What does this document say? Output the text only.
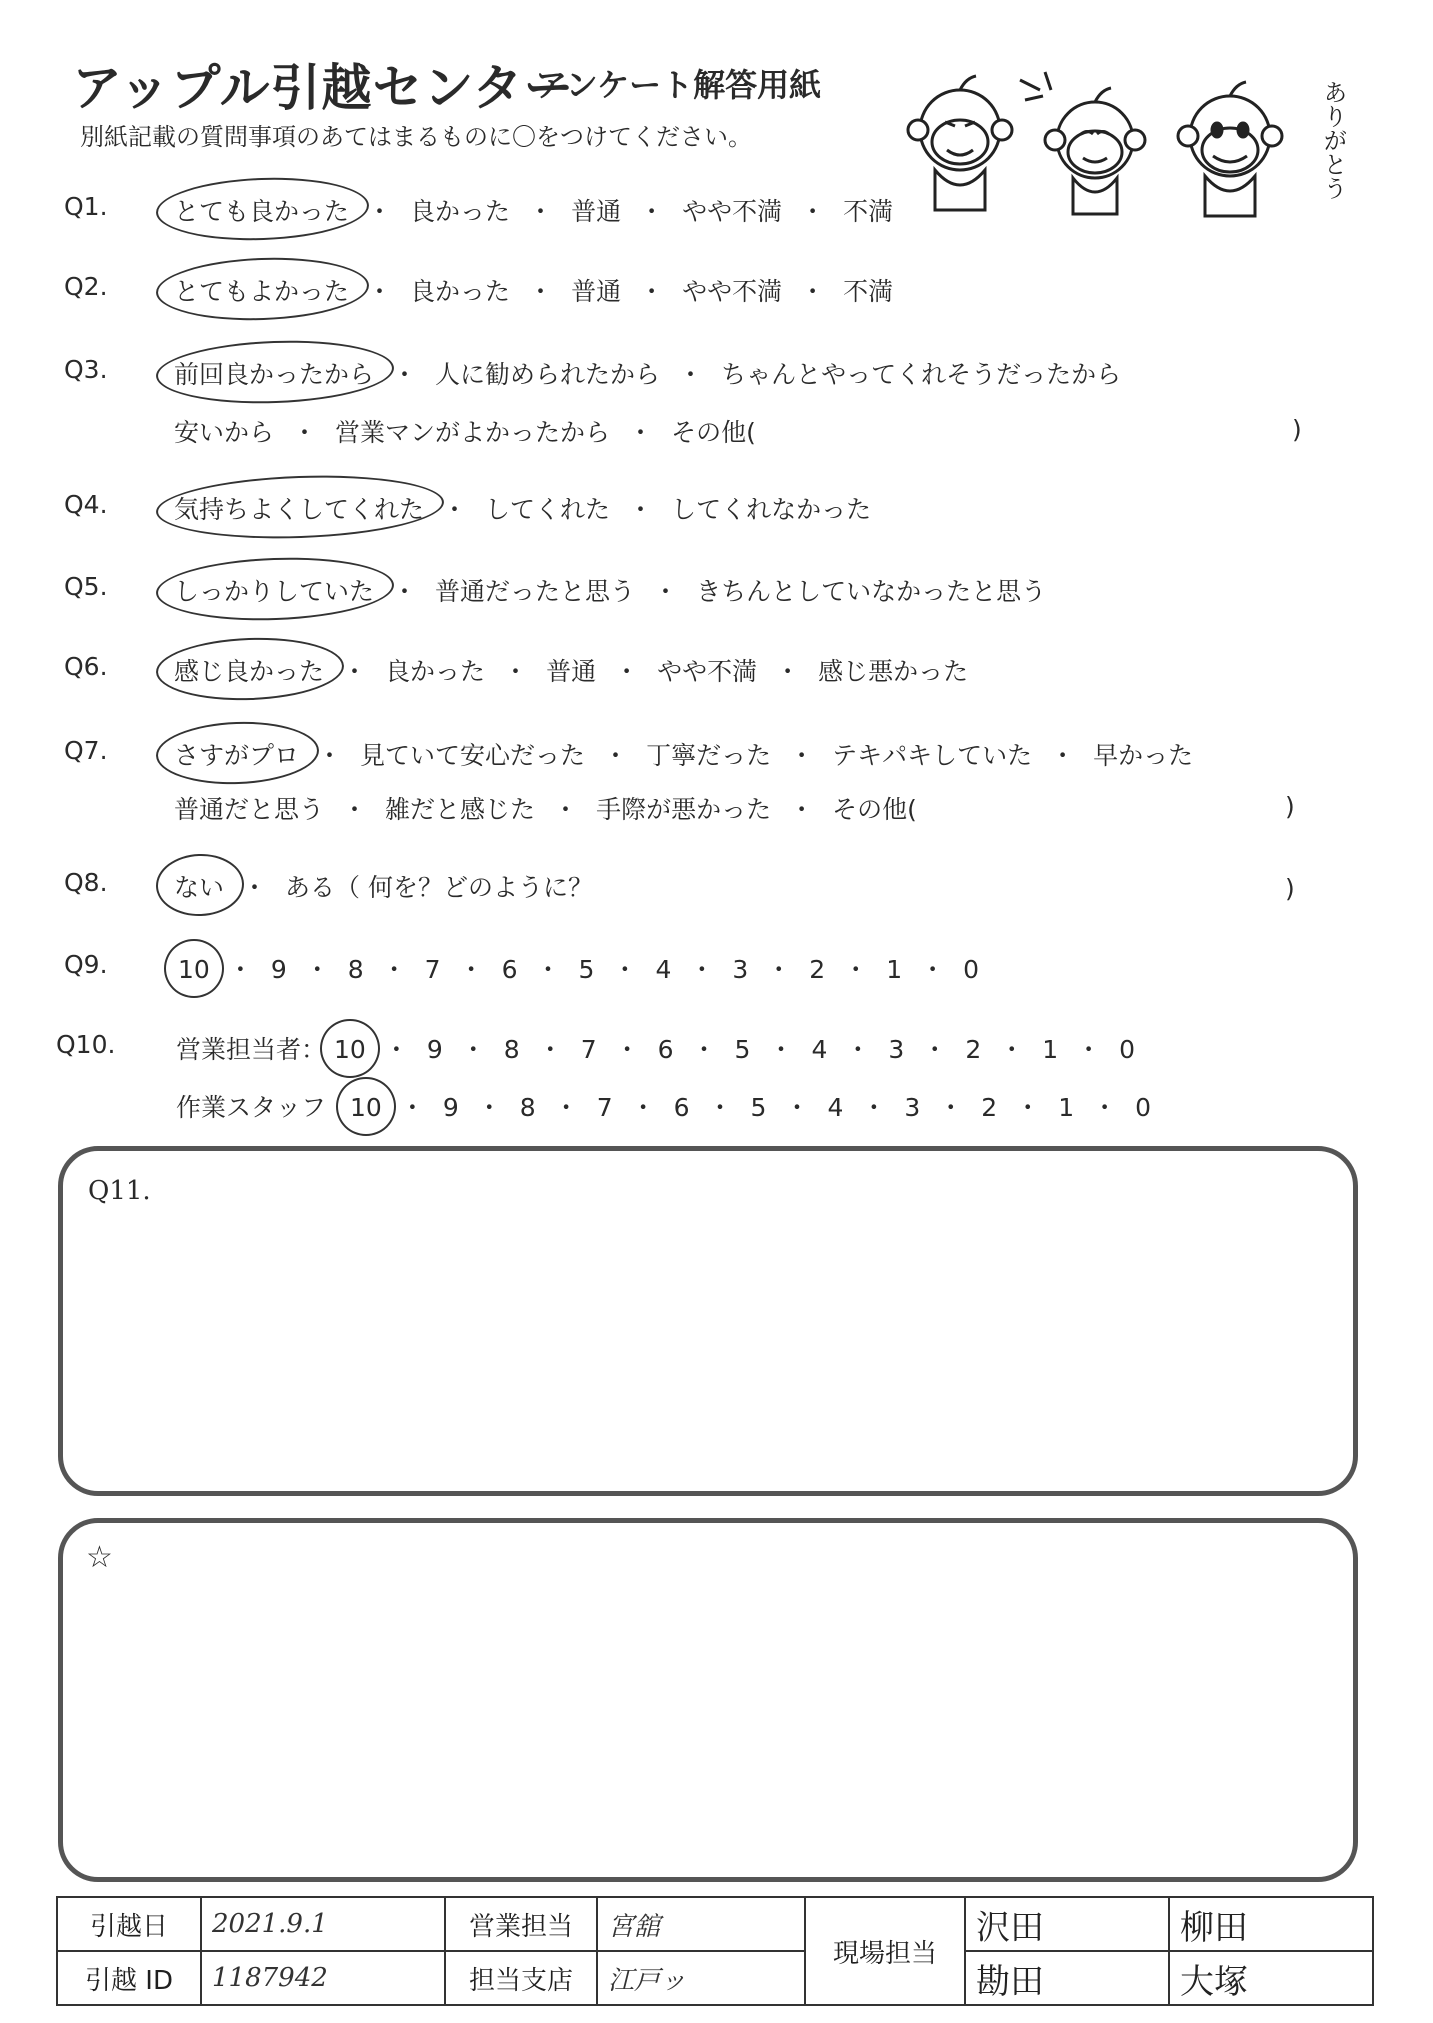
アップル引越センター
アンケート解答用紙
別紙記載の質問事項のあてはまるものに〇をつけてください。	ありがとう
Q1.	とても良かった ・ 良かった ・ 普通 ・ やや不満 ・ 不満
Q2.	とてもよかった ・ 良かった ・ 普通 ・ やや不満 ・ 不満
Q3.	前回良かったから ・ 人に勧められたから ・ ちゃんとやってくれそうだったから
安いから ・ 営業マンがよかったから ・ その他(	)
Q4.	気持ちよくしてくれた ・ してくれた ・ してくれなかった
Q5.	しっかりしていた ・ 普通だったと思う ・ きちんとしていなかったと思う
Q6.	感じ良かった ・ 良かった ・ 普通 ・ やや不満 ・ 感じ悪かった
Q7.	さすがプロ ・ 見ていて安心だった ・ 丁寧だった ・ テキパキしていた ・ 早かった
普通だと思う ・ 雑だと感じた ・ 手際が悪かった ・ その他(	)
Q8.	ない ・ ある（ 何を？どのように？	)
Q9.	10 ・ 9 ・ 8 ・ 7 ・ 6 ・ 5 ・ 4 ・ 3 ・ 2 ・ 1 ・ 0
Q10. 営業担当者： 10 ・ 9 ・ 8 ・ 7 ・ 6 ・ 5 ・ 4 ・ 3 ・ 2 ・ 1 ・ 0
作業スタッフ 10 ・ 9 ・ 8 ・ 7 ・ 6 ・ 5 ・ 4 ・ 3 ・ 2 ・ 1 ・ 0
Q11.
☆
引越日	2021.9.1	営業担当	宮舘	現場担当	沢田	柳田
引越 ID	1187942	担当支店	江戸ッ		勘田	大塚
